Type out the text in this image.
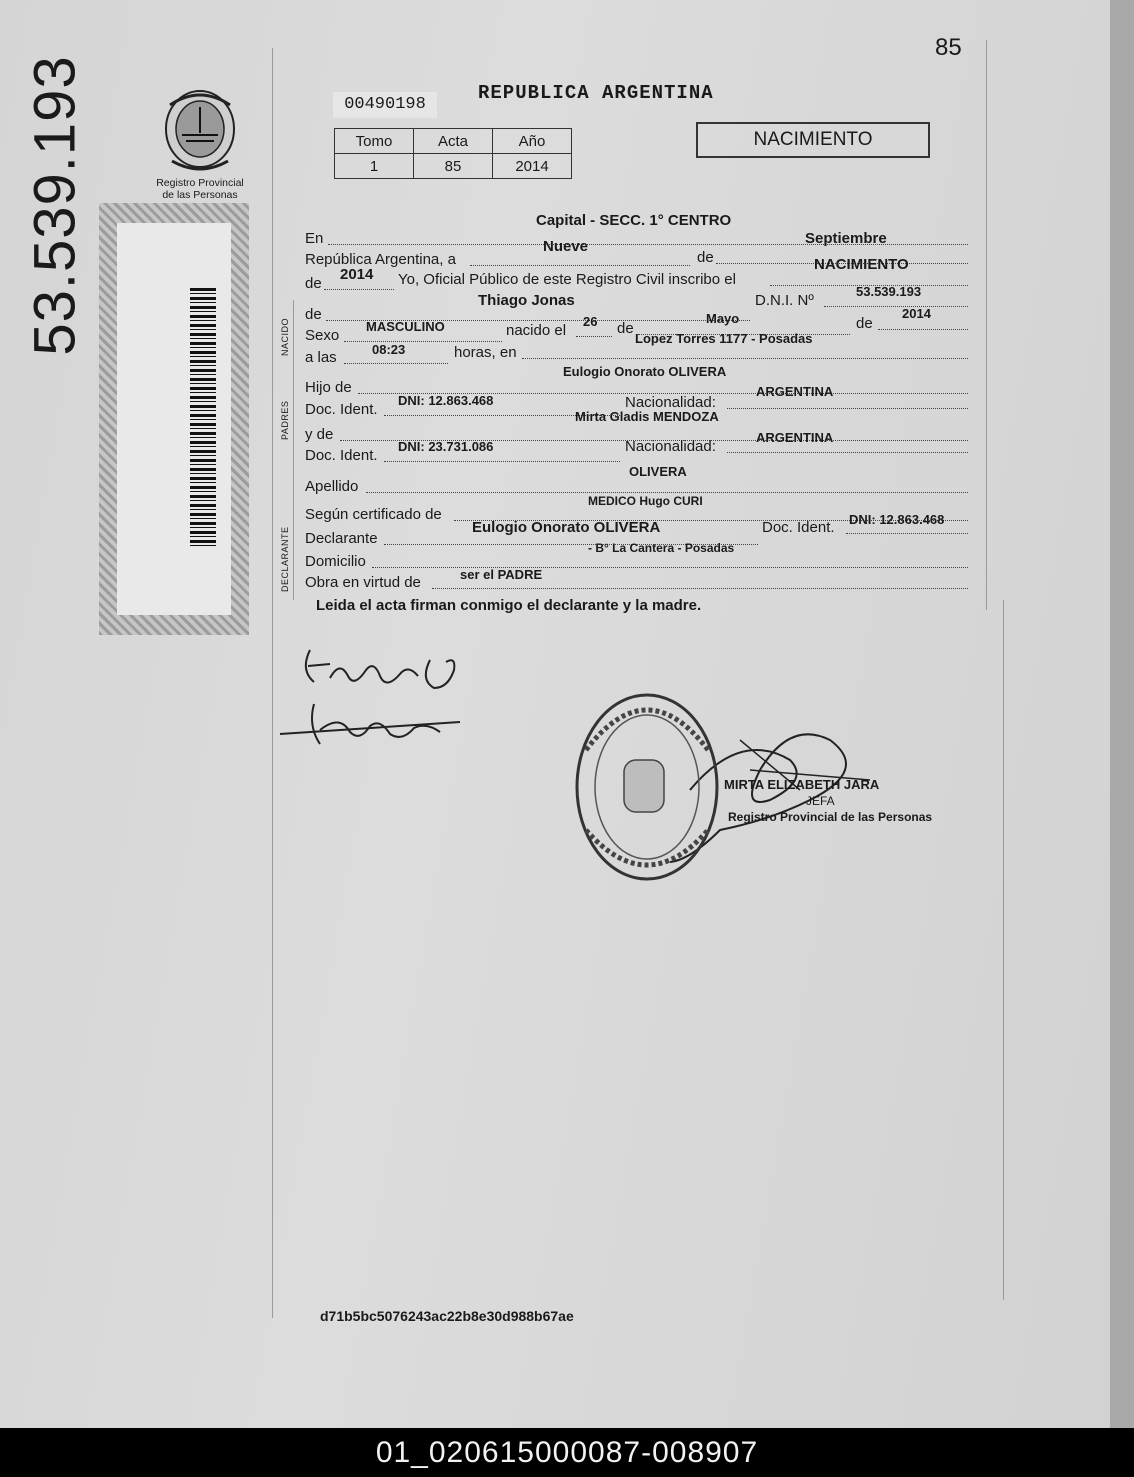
85
00490198
REPUBLICA ARGENTINA
Tomo	Acta	Año
1	85	2014
NACIMIENTO
Registro Provincial
de las Personas
53.539.193	NACIDO
PADRES
DECLARANTE
En
Capital - SECC. 1° CENTRO
República Argentina, a
Nueve
de
Septiembre
de
2014 Yo, Oficial Público de este Registro Civil inscribo el
NACIMIENTO
de
Thiago Jonas	D.N.I. Nº
53.539.193
Sexo
MASCULINO	nacido el
26 de
Mayo	de
2014
a las	08:23	horas, en
Lopez Torres 1177 - Posadas
Hijo de
Eulogio Onorato OLIVERA
Doc. Ident.
DNI: 12.863.468	Nacionalidad:
ARGENTINA
y de
Mirta Gladis MENDOZA
Doc. Ident.
DNI: 23.731.086	Nacionalidad:
ARGENTINA
Apellido
OLIVERA
Según certificado de
MEDICO Hugo CURI
Declarante
Eulogio Onorato OLIVERA	Doc. Ident. DNI: 12.863.468
Domicilio
- B° La Cantera - Posadas
Obra en virtud de	ser el PADRE
Leida el acta firman conmigo el declarante y la madre.
MIRTA ELIZABETH JARA
JEFA
Registro Provincial de las Personas
d71b5bc5076243ac22b8e30d988b67ae
01_020615000087-008907
